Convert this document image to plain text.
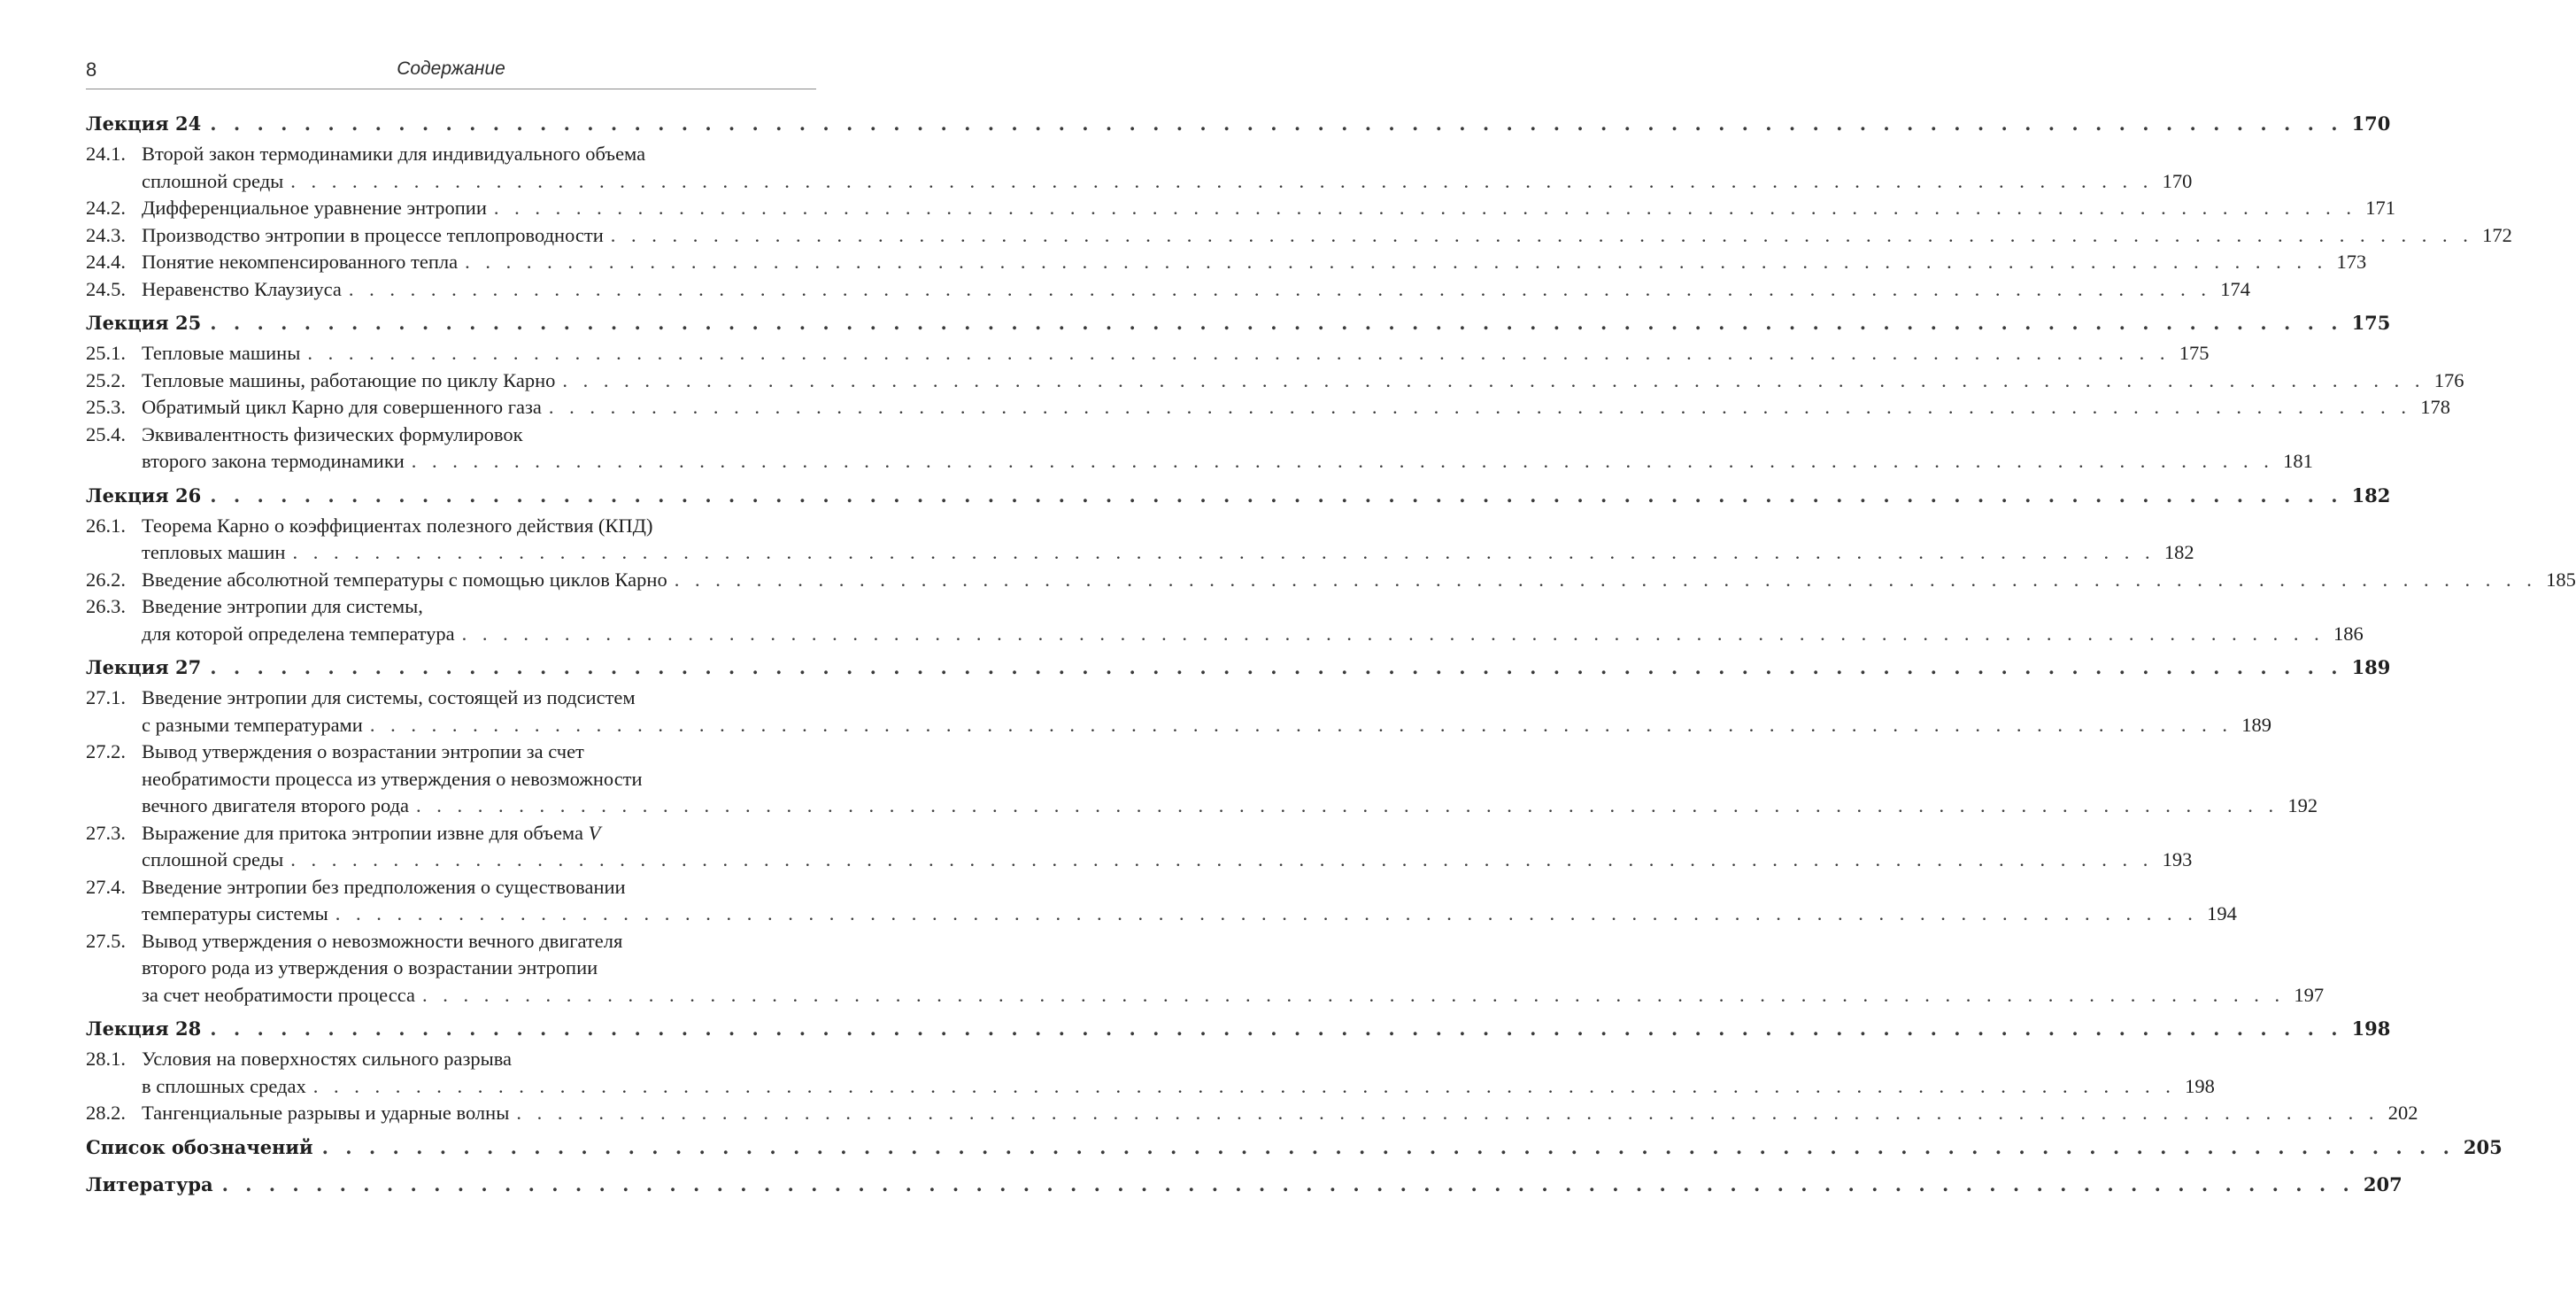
8	Содержание
Лекция 24 . . .	170
24.1. Второй закон термодинамики для индивидуального объема
сплошной среды . . .	170
24.2. Дифференциальное уравнение энтропии . . .	171
24.3. Производство энтропии в процессе теплопроводности . . .	172
24.4. Понятие некомпенсированного тепла . . .	173
24.5. Неравенство Клаузиуса . . .	174
Лекция 25 . . .	175
25.1. Тепловые машины . . .	175
25.2. Тепловые машины, работающие по циклу Карно . . .	176
25.3. Обратимый цикл Карно для совершенного газа . . .	178
25.4. Эквивалентность физических формулировок
второго закона термодинамики . . .	181
Лекция 26 . . .	182
26.1. Теорема Карно о коэффициентах полезного действия (КПД)
тепловых машин . . .	182
26.2. Введение абсолютной температуры с помощью циклов Карно . . .	185
26.3. Введение энтропии для системы,
для которой определена температура . . .	186
Лекция 27 . . .	189
27.1. Введение энтропии для системы, состоящей из подсистем
с разными температурами . . .	189
27.2. Вывод утверждения о возрастании энтропии за счет
необратимости процесса из утверждения о невозможности
вечного двигателя второго рода . . .	192
27.3. Выражение для притока энтропии извне для объема V
сплошной среды . . .	193
27.4. Введение энтропии без предположения о существовании
температуры системы . . .	194
27.5. Вывод утверждения о невозможности вечного двигателя
второго рода из утверждения о возрастании энтропии
за счет необратимости процесса . . .	197
Лекция 28 . . .	198
28.1. Условия на поверхностях сильного разрыва
в сплошных средах . . .	198
28.2. Тангенциальные разрывы и ударные волны . . .	202
Список обозначений . . .	205
Литература . . .	207
